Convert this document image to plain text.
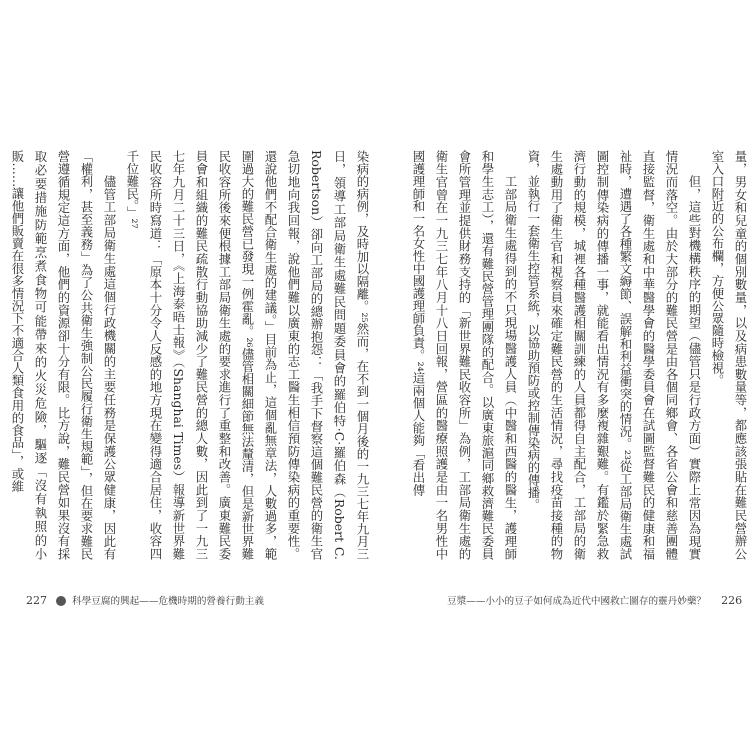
染病的病例，及時加以隔離。²⁵然而，在不到一個月後的一九三七年九月三日，領導工部局衛生處難民問題委員會的羅伯特·C·羅伯森（Robert C. Robertson）卻向工部局的總辦抱怨：「我手下督察這個難民營的衛生官急切地向我回報，說他們難以廣東的志工醫生相信預防傳染病的重要性。還說他們不配合衛生處的建議。」目前為止，這個亂無章法，人數過多，範圍過大的難民營已發現一例霍亂。²⁶儘管相關細節無法釐清，但是新世界難民收容所後來便根據工部局衛生處的要求進行了重整和改善。廣東難民委員會和組織的難民疏散行動協助減少了難民營的總人數，因此到了一九三七年九月二十三日，《上海泰晤士報》（Shanghai Times）報導新世界難民收容所時寫道：「原本十分令人反感的地方現在變得適合居住，收容四千位難民。」²⁷

儘管工部局衛生處這個行政機關的主要任務是保護公眾健康，因此有「權利，甚至義務」為了公共衛生強制公民履行衛生規範」，但在要求難民營遵循規定這方面，他們的資源卻十分有限。比方說，難民營如果沒有採取必要措施防範烹煮食物可能帶來的火災危險，驅逐「沒有執照的小販……讓他們販賣在很多情況下不適合人類食用的食品」，或維	量，男女和兒童的個別數量，以及病患數量等，都應該張貼在難民營辦公室入口附近的公布欄，方便公眾隨時檢視。

但，這些對機構秩序的期望（儘管只是行政方面）實際上常因為現實情況而落空。由於大部分的難民營是由各個同鄉會、各省公會和慈善團體直接監督，衛生處和中華醫學會的醫學委員會在試圖監督難民的健康和福祉時，遭遇了各種繁文縟節、誤解和利益衝突的情況。²³從工部局衛生處試圖控制傳染病的傳播一事，就能看出情況有多麼複雜艱難。有鑑於緊急救濟行動的規模，城裡各種醫護相關訓練的人員都得自主配合，工部局的衛生處動用了衛生官和視察員來確定難民營的生活情況，尋找疫苗接種的物資，並執行一套衛生控管系統，以協助預防或控制傳染病的傳播。

工部局衛生處得到的不只現場醫護人員（中醫和西醫的醫生，護理師和學生志工），還有難民營管理團隊的配合。以廣東旅滬同鄉救濟難民委員會所管理並提供財務支持的「新世界難民收容所」為例，工部局衛生處的衛生官曾在一九三七年八月十八日回報，營區的醫療照護是由一名男性中國護理師和一名女性中國護理師負責。²⁴這兩個人能夠「看出傳

227	科學豆腐的興起——危機時期的營養行動主義	豆漿——小小的豆子如何成為近代中國救亡圖存的靈丹妙藥？ 226
